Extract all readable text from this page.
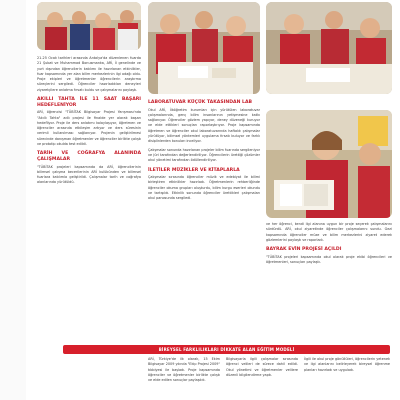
21-25 Ocak tarihleri arasında Antalya'da düzenlenen fuarda 21 Şubat ve Muhammad Bonusmanka, ARİ, İl genelinde ve yurt dışından öğrencilerin katılımı ile hazırlanan etkinlikler, fuar kapsamında yer alan bilim merkezlerinin ilgi odağı oldu. Proje ekipleri ve öğretmenler öğrencilerin araştırma süreçlerini sergiledi. Öğrenciler hazırladıkları deneyleri ziyaretçilere anlatma fırsatı buldu ve çalışmalarını paylaştı.

AKILLI TAHTA İLE 11 SAAT BAŞARI HEDEFLENİYOR

ARİ, öğrencisi "TÜBİTAK Bilgisayar Projesi Yarışması'nda "Akıllı Tahta" adlı projesi ile finalde yer alarak başarı hedefliyor. Proje ile ders anlatımı kolaylaşıyor, öğretmen ve öğrenciler arasında etkileşim artıyor ve ders süresinin verimli kullanılması sağlanıyor. Projenin geliştirilmesi sürecinde danışman öğretmenler ve öğrenciler birlikte çalıştı ve prototip okulda test edildi.

TARİH VE COĞRAFYA ALANINDA ÇALIŞMALAR

"TÜBİTAK projeleri kapsamında da ARİ, öğrencilerinin bilimsel çalışma becerilerinin ARİ kulübünden ve bilimsel fuarlara katılımla geliştirildi. Çalışmalar tarih ve coğrafya alanlarında yürütüldü.

LABORATUVAR KÜÇÜK TAKASINDAN LAB

Okul ARİ, İlköğretim kurumları için yürütülen laboratuvar çalışmalarında, genç bilim insanlarının yetişmesine katkı sağlanıyor. Öğrenciler gözlem yapıyor, deney düzeneği kuruyor ve elde ettikleri sonuçları raporlaştırıyor. Proje kapsamında öğretmen ve öğrenciler okul laboratuvarında haftalık çalışmalar yürütüyor, bilimsel yöntemleri uygulama fırsatı buluyor ve farklı disiplinlerden konuları inceliyor.

Çalışmalar sonunda hazırlanan projeler bilim fuarında sergileniyor ve jüri tarafından değerlendiriliyor. Öğrencilerin ürettiği çözümler okul yönetimi tarafından ödüllendiriliyor.

İLETİLER MÜZİKLER VE KİTAPLARLA

Çalışmalar sırasında öğrenciler müzik ve edebiyat ile bilimi birleştiren etkinlikler hazırladı. Öğretmenlerin rehberliğinde öğrenciler okuma grupları oluşturdu, bilim kurgu eserleri okundu ve tartışıldı. Etkinlik sonunda öğrenciler ürettikleri çalışmaları okul panosunda sergiledi.

ve her öğrenci, kendi ilgi alanına uygun bir proje seçerek çalışmalarını sürdürdü. ARİ, okul ziyaretinde öğrenciler çalışmalarını sundu. Gezi kapsamında öğrenciler müze ve bilim merkezlerini ziyaret ederek gözlemlerini paylaştı ve raporladı.

BAYRAK EVİN PROJESİ AÇILDI

"TÜBİTAK projeleri kapsamında okul olarak proje ekibi öğrencileri ve öğretmenleri, sonuçları paylaştı.

BİREYSEL FARKLILIKLARI DİKKATE ALAN EĞİTİM MODELİ
ARİ, Türkiye'de ilk olarak, 15 Ekim Bilgisayar 2009 yılında "Ekip Projesi 2009" tıbbiyesi ile başladı. Proje kapsamında öğrenciler ve öğretmenler birlikte çalıştı ve elde edilen sonuçlar paylaşıldı.
Bilgisayarla ilgili çalışmalar sırasında öğrenci velileri de sürece dahil edildi. Okul yönetimi ve öğretmenler velilere düzenli bilgilendirme yaptı.
İlgili ile okul proje gönüllüleri, öğrencilerin yetenek ve ilgi alanlarını belirleyerek bireysel öğrenme planları hazırladı ve uyguladı.
